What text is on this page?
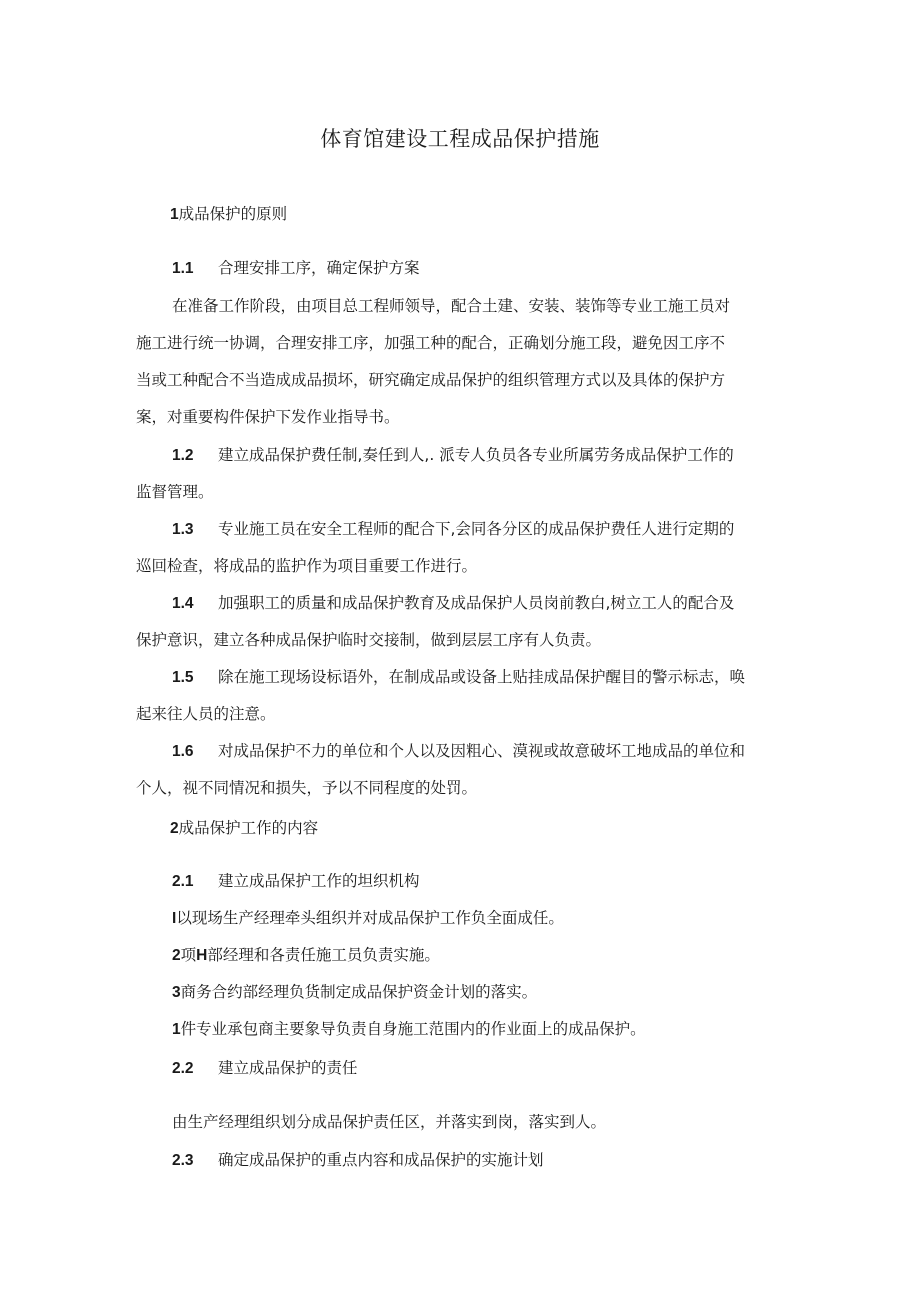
体育馆建设工程成品保护措施
1成品保护的原则
1.1 合理安排工序，确定保护方案
在准备工作阶段，由项目总工程师领导，配合土建、安装、装饰等专业工施工员对
施工进行统一协调，合理安排工序，加强工种的配合，正确划分施工段，避免因工序不
当或工种配合不当造成成品损坏，研究确定成品保护的组织管理方式以及具体的保护方
案，对重要构件保护下发作业指导书。
1.2 建立成品保护费任制,奏任到人,. 派专人负员各专业所属劳务成品保护工作的
监督管理。
1.3 专业施工员在安全工程师的配合下,会同各分区的成品保护费任人进行定期的
巡回检查，将成品的监护作为项目重要工作进行。
1.4 加强职工的质量和成品保护教育及成品保护人员岗前教白,树立工人的配合及
保护意识，建立各种成品保护临时交接制，做到层层工序有人负责。
1.5 除在施工现场设标语外，在制成品或设备上贴挂成品保护醒目的警示标志，唤
起来往人员的注意。
1.6 对成品保护不力的单位和个人以及因粗心、漠视或故意破坏工地成品的单位和
个人，视不同情况和损失，予以不同程度的处罚。
2成品保护工作的内容
2.1 建立成品保护工作的坦织机构
I以现场生产经理牵头组织并对成品保护工作负全面成任。
2项H部经理和各责任施工员负责实施。
3商务合约部经理负货制定成品保护资金计划的落实。
1件专业承包商主要象导负责自身施工范围内的作业面上的成品保护。
2.2 建立成品保护的责任
由生产经理组织划分成品保护责任区，并落实到岗，落实到人。
2.3 确定成品保护的重点内容和成品保护的实施计划
